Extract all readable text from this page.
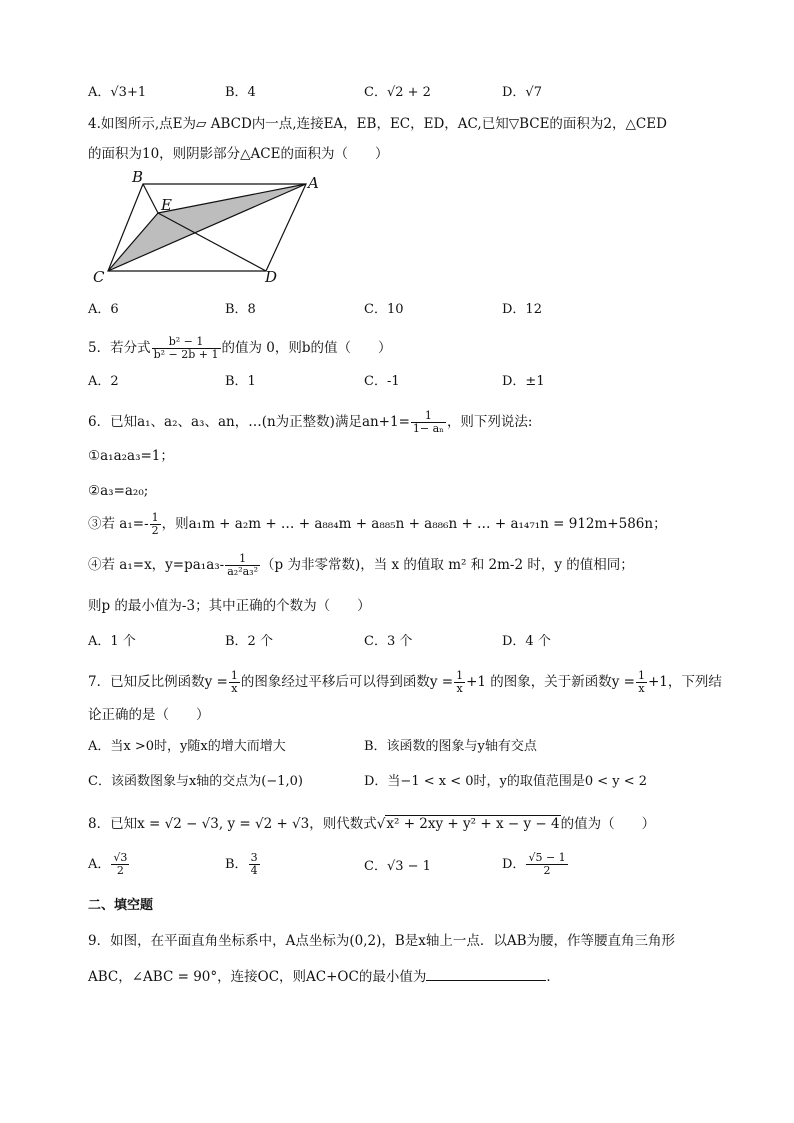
A．√3+1	B．4	C．√2 + 2	D．√7
4.如图所示,点E为▱ ABCD内一点,连接EA，EB，EC，ED，AC,已知▽BCE的面积为2，△CED
的面积为10，则阴影部分△ACE的面积为（　　）
B	A
E
C	D
A．6	B．8	C．10	D．12
5．若分式 $\frac{\text{b² − 1}}{\text{b² − 2b + 1}}$ 的值为 0，则b的值（　　）
A．2	B．1	C．-1	D．±1
6．已知a₁、a₂、a₃、an，…(n为正整数)满足$an+1= \frac{1}{\text{1− aₙ}}$ ，则下列说法:
①a₁a₂a₃=1；
②a₃=a₂₀;
③若 $a_1=- \frac{1}{2}$ ，则a₁m + a₂m + … + a₈₈₄m + a₈₈₅n + a₈₈₆n + … + a₁₄₇₁n = 912m+586n；
④若 a₁=x，$y=pa_1a_3- \frac{1}{\text{a₂²a₃²}} (p$ 为非零常数)，当 x 的值取 m² 和 2m-2 时，y 的值相同；
则p 的最小值为-3；其中正确的个数为（　　）
A．1 个	B．2 个	C．3 个	D．4 个
7．已知反比例函数$y = \frac{1}{x}$ 的图象经过平移后可以得到函数$y = \frac{1}{x} +1$ 的图象，关于新函数$y = \frac{1}{x} +1$，下列结
论正确的是（　　）
A．当x >0时，y随x的增大而增大	B．该函数的图象与y轴有交点
C．该函数图象与x轴的交点为(−1,0)	D．当−1 < x < 0时，y的取值范围是0 < y < 2
8．已知x = √2 − √3, y = √2 + √3，则代数式√x² + 2xy + y² + x − y − 4的值为（　　）
A． $\frac{√3}{2}$	B． $\frac{3}{4}$	C．√3 − 1	D． $\frac{√5 - 1}{2}$
二、填空题
9．如图，在平面直角坐标系中，A点坐标为(0,2)，B是x轴上一点．以AB为腰，作等腰直角三角形
ABC，∠ABC = 90°，连接OC，则AC+OC的最小值为	．
